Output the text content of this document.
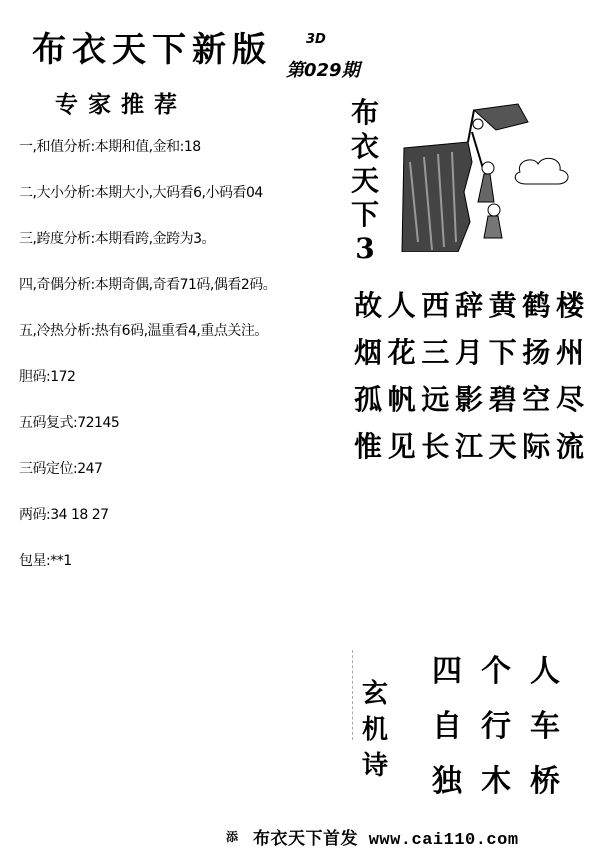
布衣天下新版	3D
第029期
专家推荐
一,和值分析:本期和值,金和:18
二,大小分析:本期大小,大码看6,小码看04
三,跨度分析:本期看跨,金跨为3。
四,奇偶分析:本期奇偶,奇看71码,偶看2码。
五,冷热分析:热有6码,温重看4,重点关注。
胆码:172
五码复式:72145
三码定位:247
两码:34 18 27
包星:**1
布
衣
天
下
3
故 人 西 辞 黄 鹤 楼
烟 花 三 月 下 扬 州
孤 帆 远 影 碧 空 尽
惟 见 长 江 天 际 流
玄
机
诗
四 个 人
自 行 车
独 木 桥
添 布衣天下首发 www.cai110.com
